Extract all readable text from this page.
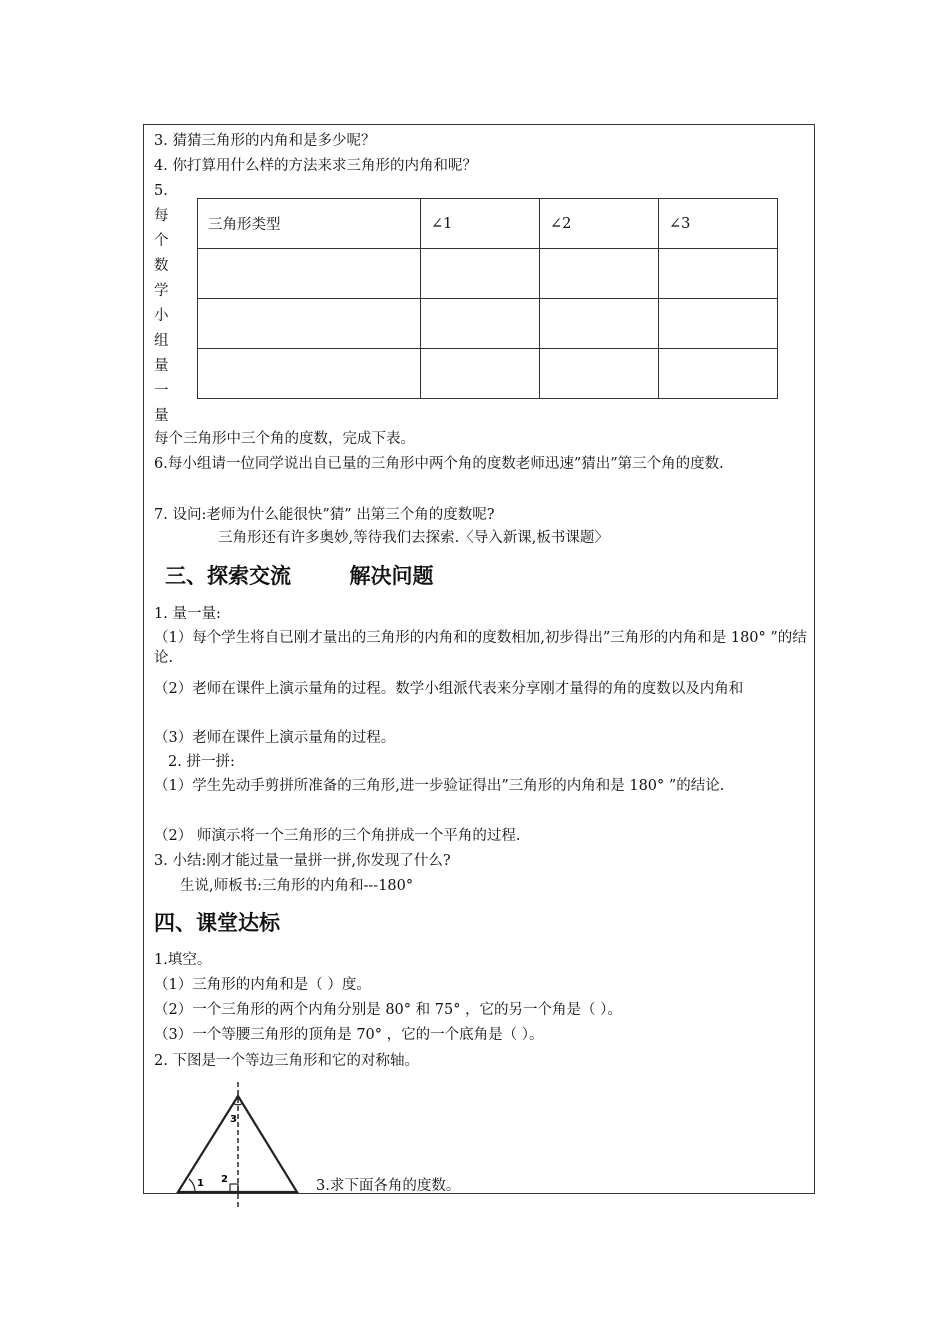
3. 猜猜三角形的内角和是多少呢？
4. 你打算用什么样的方法来求三角形的内角和呢？
5.
每
个
数
学
小
组
量
一
量
三角形类型	∠1	∠2	∠3

每个三角形中三个角的度数，完成下表。
6.每小组请一位同学说出自已量的三角形中两个角的度数老师迅速”猜出”第三个角的度数.
7. 设问:老师为什么能很快”猜” 出第三个角的度数呢?
三角形还有许多奥妙,等待我们去探索.〈导入新课,板书课题〉
三、探索交流        解决问题
1. 量一量:
（1）每个学生将自已刚才量出的三角形的内角和的度数相加,初步得出”三角形的内角和是 180° ”的结论.
（2）老师在课件上演示量角的过程。数学小组派代表来分享刚才量得的角的度数以及内角和
（3）老师在课件上演示量角的过程。
2. 拼一拼:
（1）学生先动手剪拼所准备的三角形,进一步验证得出”三角形的内角和是 180° ”的结论.
（2） 师演示将一个三角形的三个角拼成一个平角的过程.
3. 小结:刚才能过量一量拼一拼,你发现了什么?
生说,师板书:三角形的内角和---180°
四、课堂达标
1.填空。
（1）三角形的内角和是（ ）度。
（2）一个三角形的两个内角分别是 80° 和 75° ，它的另一个角是（ ）。
（3）一个等腰三角形的顶角是 70° ，它的一个底角是（ ）。
2. 下图是一个等边三角形和它的对称轴。
1 2
3
3.求下面各角的度数。
